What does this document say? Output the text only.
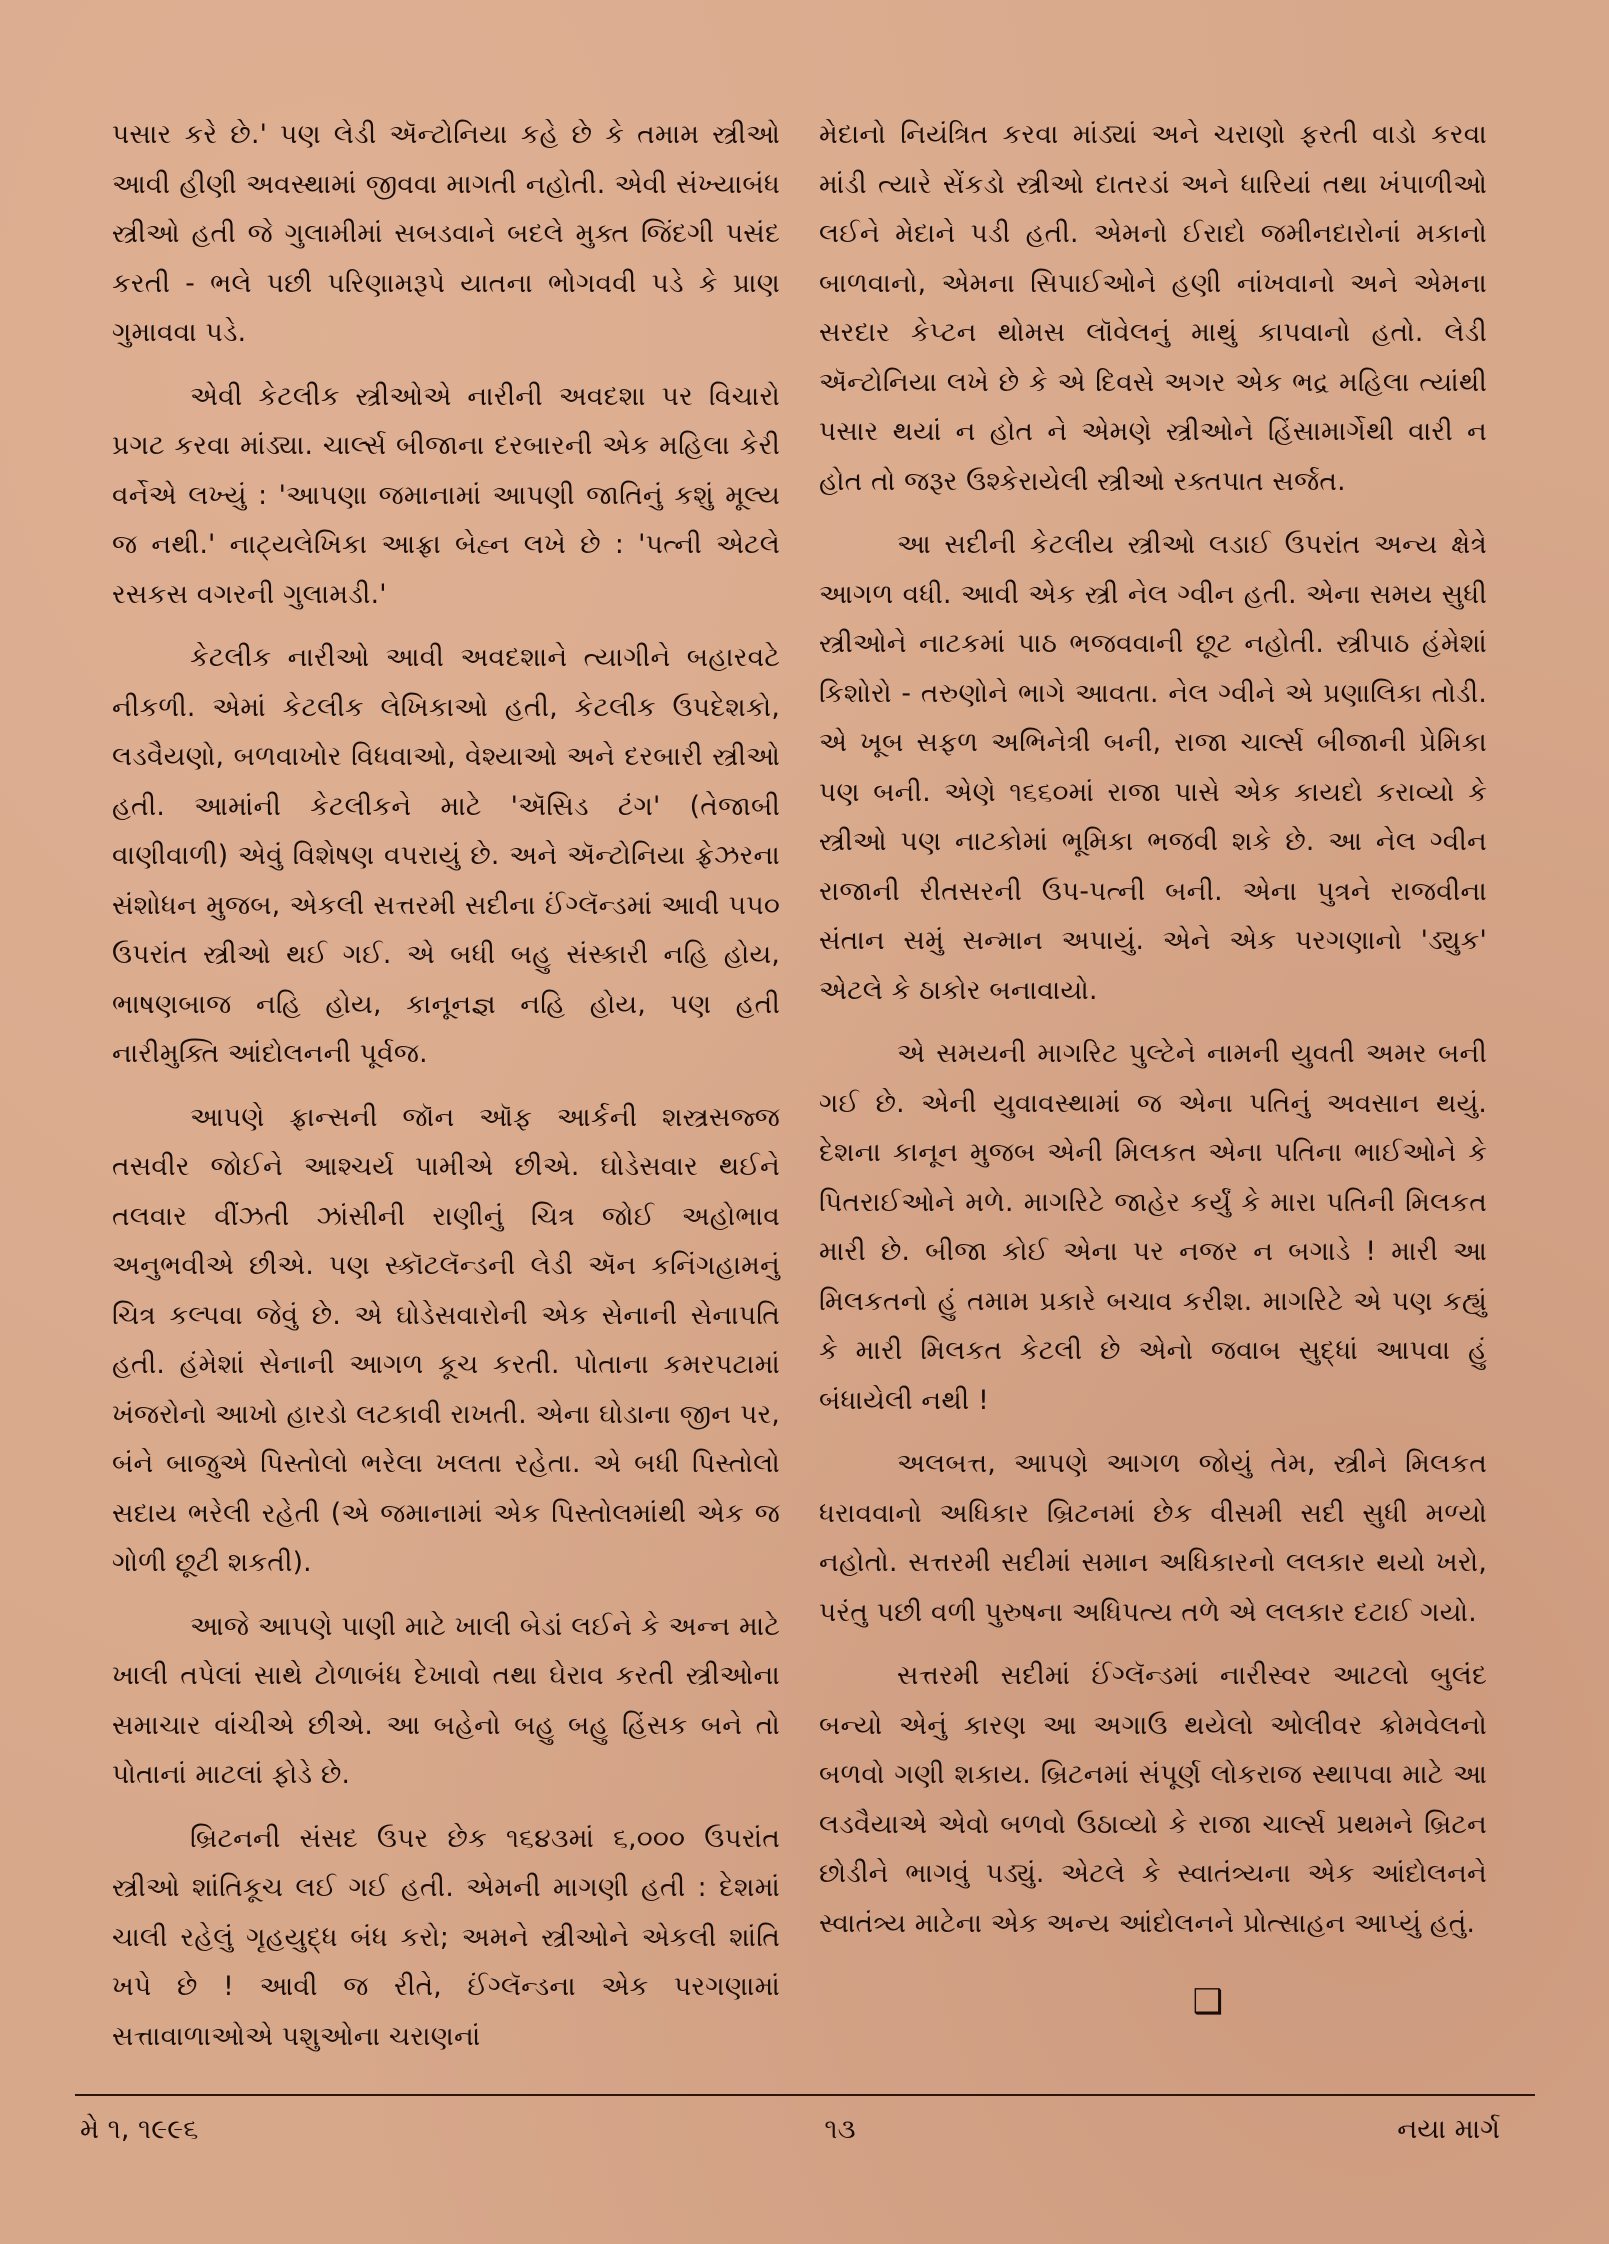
પસાર કરે છે.' પણ લેડી ઍન્ટોનિયા કહે છે કે તમામ સ્ત્રીઓ આવી હીણી અવસ્થામાં જીવવા માગતી નહોતી. એવી સંખ્યાબંધ સ્ત્રીઓ હતી જે ગુલામીમાં સબડવાને બદલે મુક્ત જિંદગી પસંદ કરતી - ભલે પછી પરિણામરૂપે યાતના ભોગવવી પડે કે પ્રાણ ગુમાવવા પડે.

એવી કેટલીક સ્ત્રીઓએ નારીની અવદશા પર વિચારો પ્રગટ કરવા માંડ્યા. ચાર્લ્સ બીજાના દરબારની એક મહિલા કેરી વર્નેએ લખ્યું : 'આપણા જમાનામાં આપણી જાતિનું કશું મૂલ્ય જ નથી.' નાટ્યલેખિકા આફ્રા બેહ્ન લખે છે : 'પત્ની એટલે રસકસ વગરની ગુલામડી.'

કેટલીક નારીઓ આવી અવદશાને ત્યાગીને બહારવટે નીકળી. એમાં કેટલીક લેખિકાઓ હતી, કેટલીક ઉપદેશકો, લડવૈયણો, બળવાખોર વિધવાઓ, વેશ્યાઓ અને દરબારી સ્ત્રીઓ હતી. આમાંની કેટલીકને માટે 'ઍસિડ ટંગ' (તેજાબી વાણીવાળી) એવું વિશેષણ વપરાયું છે. અને ઍન્ટોનિયા ફ્રેઝરના સંશોધન મુજબ, એકલી સત્તરમી સદીના ઈંગ્લૅન્ડમાં આવી ૫૫૦ ઉપરાંત સ્ત્રીઓ થઈ ગઈ. એ બધી બહુ સંસ્કારી નહિ હોય, ભાષણબાજ નહિ હોય, કાનૂનજ્ઞ નહિ હોય, પણ હતી નારીમુક્તિ આંદોલનની પૂર્વજ.

આપણે ફ્રાન્સની જૉન ઑફ આર્કની શસ્ત્રસજ્જ તસવીર જોઈને આશ્ચર્ય પામીએ છીએ. ઘોડેસવાર થઈને તલવાર વીંઝતી ઝાંસીની રાણીનું ચિત્ર જોઈ અહોભાવ અનુભવીએ છીએ. પણ સ્કૉટલૅન્ડની લેડી ઍન કનિંગહામનું ચિત્ર કલ્પવા જેવું છે. એ ઘોડેસવારોની એક સેનાની સેનાપતિ હતી. હંમેશાં સેનાની આગળ કૂચ કરતી. પોતાના કમરપટામાં ખંજરોનો આખો હારડો લટકાવી રાખતી. એના ઘોડાના જીન પર, બંને બાજુએ પિસ્તોલો ભરેલા ખલતા રહેતા. એ બધી પિસ્તોલો સદાય ભરેલી રહેતી (એ જમાનામાં એક પિસ્તોલમાંથી એક જ ગોળી છૂટી શકતી).

આજે આપણે પાણી માટે ખાલી બેડાં લઈને કે અન્ન માટે ખાલી તપેલાં સાથે ટોળાબંધ દેખાવો તથા ઘેરાવ કરતી સ્ત્રીઓના સમાચાર વાંચીએ છીએ. આ બહેનો બહુ બહુ હિંસક બને તો પોતાનાં માટલાં ફોડે છે.

બ્રિટનની સંસદ ઉપર છેક ૧૬૪૩માં ૬,૦૦૦ ઉપરાંત સ્ત્રીઓ શાંતિકૂચ લઈ ગઈ હતી. એમની માગણી હતી : દેશમાં ચાલી રહેલું ગૃહયુદ્ધ બંધ કરો; અમને સ્ત્રીઓને એકલી શાંતિ ખપે છે ! આવી જ રીતે, ઈંગ્લૅન્ડના એક પરગણામાં સત્તાવાળાઓએ પશુઓના ચરાણનાં

મેદાનો નિયંત્રિત કરવા માંડ્યાં અને ચરાણો ફરતી વાડો કરવા માંડી ત્યારે સેંકડો સ્ત્રીઓ દાતરડાં અને ધારિયાં તથા ખંપાળીઓ લઈને મેદાને પડી હતી. એમનો ઈરાદો જમીનદારોનાં મકાનો બાળવાનો, એમના સિપાઈઓને હણી નાંખવાનો અને એમના સરદાર કેપ્ટન થોમસ લૉવેલનું માથું કાપવાનો હતો. લેડી ઍન્ટોનિયા લખે છે કે એ દિવસે અગર એક ભદ્ર મહિલા ત્યાંથી પસાર થયાં ન હોત ને એમણે સ્ત્રીઓને હિંસામાર્ગેથી વારી ન હોત તો જરૂર ઉશ્કેરાયેલી સ્ત્રીઓ રક્તપાત સર્જત.

આ સદીની કેટલીય સ્ત્રીઓ લડાઈ ઉપરાંત અન્ય ક્ષેત્રે આગળ વધી. આવી એક સ્ત્રી નેલ ગ્વીન હતી. એના સમય સુધી સ્ત્રીઓને નાટકમાં પાઠ ભજવવાની છૂટ નહોતી. સ્ત્રીપાઠ હંમેશાં કિશોરો - તરુણોને ભાગે આવતા. નેલ ગ્વીને એ પ્રણાલિકા તોડી. એ ખૂબ સફળ અભિનેત્રી બની, રાજા ચાર્લ્સ બીજાની પ્રેમિકા પણ બની. એણે ૧૬૬૦માં રાજા પાસે એક કાયદો કરાવ્યો કે સ્ત્રીઓ પણ નાટકોમાં ભૂમિકા ભજવી શકે છે. આ નેલ ગ્વીન રાજાની રીતસરની ઉપ-પત્ની બની. એના પુત્રને રાજવીના સંતાન સમું સન્માન અપાયું. એને એક પરગણાનો 'ડ્યુક' એટલે કે ઠાકોર બનાવાયો.

એ સમયની માગરિટ પુલ્ટેને નામની યુવતી અમર બની ગઈ છે. એની યુવાવસ્થામાં જ એના પતિનું અવસાન થયું. દેશના કાનૂન મુજબ એની મિલકત એના પતિના ભાઈઓને કે પિતરાઈઓને મળે. માગરિટે જાહેર કર્યું કે મારા પતિની મિલકત મારી છે. બીજા કોઈ એના પર નજર ન બગાડે ! મારી આ મિલકતનો હું તમામ પ્રકારે બચાવ કરીશ. માગરિટે એ પણ કહ્યું કે મારી મિલકત કેટલી છે એનો જવાબ સુદ્ધાં આપવા હું બંધાયેલી નથી !

અલબત્ત, આપણે આગળ જોયું તેમ, સ્ત્રીને મિલકત ધરાવવાનો અધિકાર બ્રિટનમાં છેક વીસમી સદી સુધી મળ્યો નહોતો. સત્તરમી સદીમાં સમાન અધિકારનો લલકાર થયો ખરો, પરંતુ પછી વળી પુરુષના અધિપત્ય તળે એ લલકાર દટાઈ ગયો.

સત્તરમી સદીમાં ઈંગ્લૅન્ડમાં નારીસ્વર આટલો બુલંદ બન્યો એનું કારણ આ અગાઉ થયેલો ઓલીવર ક્રોમવેલનો બળવો ગણી શકાય. બ્રિટનમાં સંપૂર્ણ લોકરાજ સ્થાપવા માટે આ લડવૈયાએ એવો બળવો ઉઠાવ્યો કે રાજા ચાર્લ્સ પ્રથમને બ્રિટન છોડીને ભાગવું પડ્યું. એટલે કે સ્વાતંત્ર્યના એક આંદોલનને સ્વાતંત્ર્ય માટેના એક અન્ય આંદોલનને પ્રોત્સાહન આપ્યું હતું.

❑
મે ૧, ૧૯૯૬	૧૩	નયા માર્ગ
